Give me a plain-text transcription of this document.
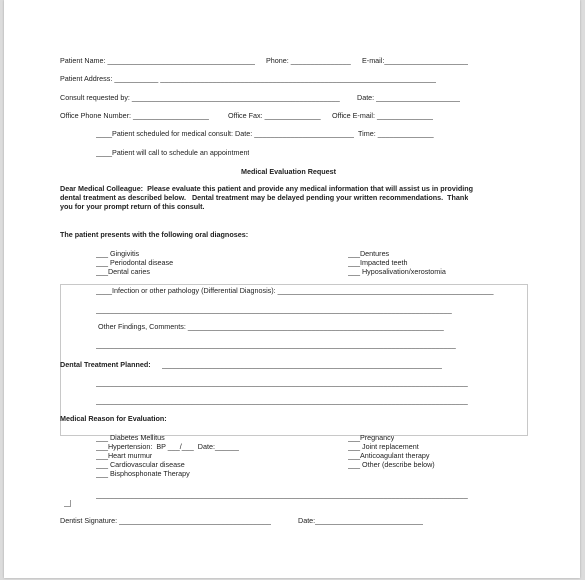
Patient Name: _____________________________________ Phone: _______________ E-mail:_____________________
Patient Address: ___________ _____________________________________________________________________
Consult requested by: ____________________________________________________ Date: _____________________
Office Phone Number: ___________________	Office Fax: ______________ Office E-mail: ______________
____Patient scheduled for medical consult: Date: _________________________ Time: ______________
____Patient will call to schedule an appointment
Medical Evaluation Request
Dear Medical Colleague:  Please evaluate this patient and provide any medical information that will assist us in providing
dental treatment as described below.   Dental treatment may be delayed pending your written recommendations.  Thank
you for your prompt return of this consult.
The patient presents with the following oral diagnoses:
___ Gingivitis
___ Periodontal disease
___Dental caries
___Dentures
___Impacted teeth
___ Hyposalivation/xerostomia
____Infection or other pathology (Differential Diagnosis): ______________________________________________________
_________________________________________________________________________________________
Other Findings, Comments: ________________________________________________________________
__________________________________________________________________________________________
Dental Treatment Planned: ______________________________________________________________________
_____________________________________________________________________________________________
_____________________________________________________________________________________________
Medical Reason for Evaluation:
___ Diabetes Mellitus
___Hypertension:  BP ___/___  Date:______
___Heart murmur
___ Cardiovascular disease
___ Bisphosphonate Therapy
___Pregnancy
___ Joint replacement
___Anticoagulant therapy
___ Other (describe below)
_____________________________________________________________________________________________
Dentist Signature: ______________________________________	Date:___________________________
